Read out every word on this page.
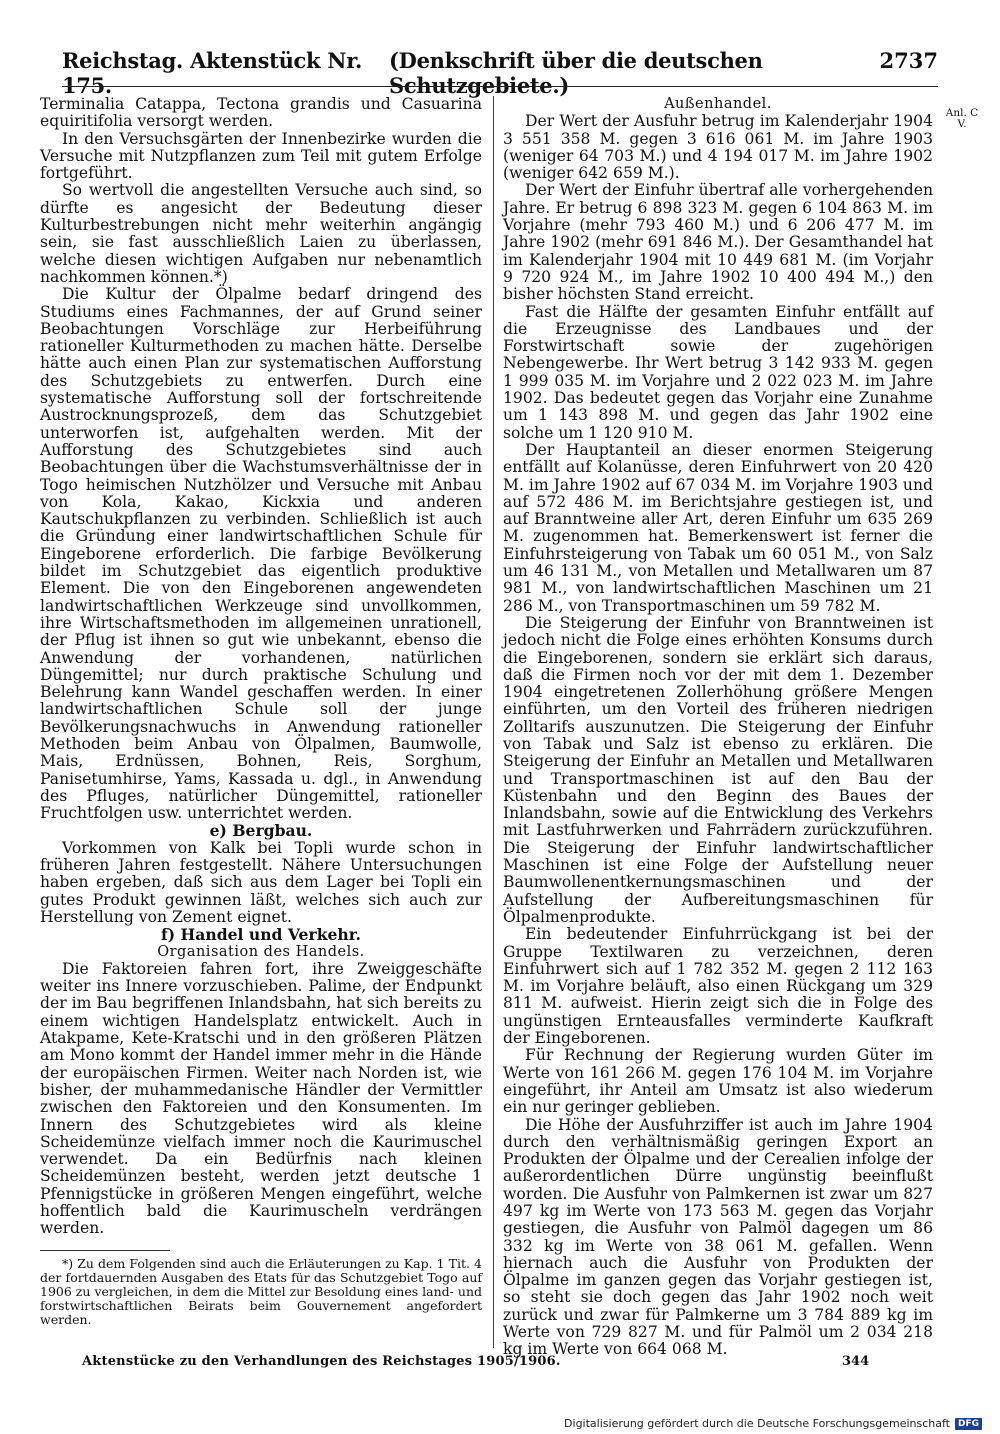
Reichstag. Aktenstück Nr. 175.

(Denkschrift über die deutschen Schutzgebiete.)
2737
Anl. C V.

Terminalia Catappa, Tectona grandis und Casuarina equiritifolia versorgt werden.

In den Versuchsgärten der Innenbezirke wurden die Versuche mit Nutzpflanzen zum Teil mit gutem Erfolge fortgeführt.

So wertvoll die angestellten Versuche auch sind, so dürfte es angesicht der Bedeutung dieser Kulturbestrebungen nicht mehr weiterhin angängig sein, sie fast ausschließlich Laien zu überlassen, welche diesen wichtigen Aufgaben nur nebenamtlich nachkommen können.*)

Die Kultur der Ölpalme bedarf dringend des Studiums eines Fachmannes, der auf Grund seiner Beobachtungen Vorschläge zur Herbeiführung rationeller Kulturmethoden zu machen hätte. Derselbe hätte auch einen Plan zur systematischen Aufforstung des Schutzgebiets zu entwerfen. Durch eine systematische Aufforstung soll der fortschreitende Austrocknungsprozeß, dem das Schutzgebiet unterworfen ist, aufgehalten werden. Mit der Aufforstung des Schutzgebietes sind auch Beobachtungen über die Wachstumsverhältnisse der in Togo heimischen Nutzhölzer und Versuche mit Anbau von Kola, Kakao, Kickxia und anderen Kautschukpflanzen zu verbinden. Schließlich ist auch die Gründung einer landwirtschaftlichen Schule für Eingeborene erforderlich. Die farbige Bevölkerung bildet im Schutzgebiet das eigentlich produktive Element. Die von den Eingeborenen angewendeten landwirtschaftlichen Werkzeuge sind unvollkommen, ihre Wirtschaftsmethoden im allgemeinen unrationell, der Pflug ist ihnen so gut wie unbekannt, ebenso die Anwendung der vorhandenen, natürlichen Düngemittel; nur durch praktische Schulung und Belehrung kann Wandel geschaffen werden. In einer landwirtschaftlichen Schule soll der junge Bevölkerungsnachwuchs in Anwendung rationeller Methoden beim Anbau von Ölpalmen, Baumwolle, Mais, Erdnüssen, Bohnen, Reis, Sorghum, Panisetumhirse, Yams, Kassada u. dgl., in Anwendung des Pfluges, natürlicher Düngemittel, rationeller Fruchtfolgen usw. unterrichtet werden.

e) Bergbau.

Vorkommen von Kalk bei Topli wurde schon in früheren Jahren festgestellt. Nähere Untersuchungen haben ergeben, daß sich aus dem Lager bei Topli ein gutes Produkt gewinnen läßt, welches sich auch zur Herstellung von Zement eignet.

f) Handel und Verkehr.

Organisation des Handels.

Die Faktoreien fahren fort, ihre Zweiggeschäfte weiter ins Innere vorzuschieben. Palime, der Endpunkt der im Bau begriffenen Inlandsbahn, hat sich bereits zu einem wichtigen Handelsplatz entwickelt. Auch in Atakpame, Kete-Kratschi und in den größeren Plätzen am Mono kommt der Handel immer mehr in die Hände der europäischen Firmen. Weiter nach Norden ist, wie bisher, der muhammedanische Händler der Vermittler zwischen den Faktoreien und den Konsumenten. Im Innern des Schutzgebietes wird als kleine Scheidemünze vielfach immer noch die Kaurimuschel verwendet. Da ein Bedürfnis nach kleinen Scheidemünzen besteht, werden jetzt deutsche 1 Pfennigstücke in größeren Mengen eingeführt, welche hoffentlich bald die Kaurimuscheln verdrängen werden.

*) Zu dem Folgenden sind auch die Erläuterungen zu Kap. 1 Tit. 4 der fortdauernden Ausgaben des Etats für das Schutzgebiet Togo auf 1906 zu vergleichen, in dem die Mittel zur Besoldung eines land- und forstwirtschaftlichen Beirats beim Gouvernement angefordert werden.

Außenhandel.

Der Wert der Ausfuhr betrug im Kalenderjahr 1904 3 551 358 M. gegen 3 616 061 M. im Jahre 1903 (weniger 64 703 M.) und 4 194 017 M. im Jahre 1902 (weniger 642 659 M.).

Der Wert der Einfuhr übertraf alle vorhergehenden Jahre. Er betrug 6 898 323 M. gegen 6 104 863 M. im Vorjahre (mehr 793 460 M.) und 6 206 477 M. im Jahre 1902 (mehr 691 846 M.). Der Gesamthandel hat im Kalenderjahr 1904 mit 10 449 681 M. (im Vorjahr 9 720 924 M., im Jahre 1902 10 400 494 M.,) den bisher höchsten Stand erreicht.

Fast die Hälfte der gesamten Einfuhr entfällt auf die Erzeugnisse des Landbaues und der Forstwirtschaft sowie der zugehörigen Nebengewerbe. Ihr Wert betrug 3 142 933 M. gegen 1 999 035 M. im Vorjahre und 2 022 023 M. im Jahre 1902. Das bedeutet gegen das Vorjahr eine Zunahme um 1 143 898 M. und gegen das Jahr 1902 eine solche um 1 120 910 M.

Der Hauptanteil an dieser enormen Steigerung entfällt auf Kolanüsse, deren Einfuhrwert von 20 420 M. im Jahre 1902 auf 67 034 M. im Vorjahre 1903 und auf 572 486 M. im Berichtsjahre gestiegen ist, und auf Branntweine aller Art, deren Einfuhr um 635 269 M. zugenommen hat. Bemerkenswert ist ferner die Einfuhrsteigerung von Tabak um 60 051 M., von Salz um 46 131 M., von Metallen und Metallwaren um 87 981 M., von landwirtschaftlichen Maschinen um 21 286 M., von Transportmaschinen um 59 782 M.

Die Steigerung der Einfuhr von Branntweinen ist jedoch nicht die Folge eines erhöhten Konsums durch die Eingeborenen, sondern sie erklärt sich daraus, daß die Firmen noch vor der mit dem 1. Dezember 1904 eingetretenen Zollerhöhung größere Mengen einführten, um den Vorteil des früheren niedrigen Zolltarifs auszunutzen. Die Steigerung der Einfuhr von Tabak und Salz ist ebenso zu erklären. Die Steigerung der Einfuhr an Metallen und Metallwaren und Transportmaschinen ist auf den Bau der Küstenbahn und den Beginn des Baues der Inlandsbahn, sowie auf die Entwicklung des Verkehrs mit Lastfuhrwerken und Fahrrädern zurückzuführen. Die Steigerung der Einfuhr landwirtschaftlicher Maschinen ist eine Folge der Aufstellung neuer Baumwollenentkernungsmaschinen und der Aufstellung der Aufbereitungsmaschinen für Ölpalmenprodukte.

Ein bedeutender Einfuhrrückgang ist bei der Gruppe Textilwaren zu verzeichnen, deren Einfuhrwert sich auf 1 782 352 M. gegen 2 112 163 M. im Vorjahre beläuft, also einen Rückgang um 329 811 M. aufweist. Hierin zeigt sich die in Folge des ungünstigen Ernteausfalles verminderte Kaufkraft der Eingeborenen.

Für Rechnung der Regierung wurden Güter im Werte von 161 266 M. gegen 176 104 M. im Vorjahre eingeführt, ihr Anteil am Umsatz ist also wiederum ein nur geringer geblieben.

Die Höhe der Ausfuhrziffer ist auch im Jahre 1904 durch den verhältnismäßig geringen Export an Produkten der Ölpalme und der Cerealien infolge der außerordentlichen Dürre ungünstig beeinflußt worden. Die Ausfuhr von Palmkernen ist zwar um 827 497 kg im Werte von 173 563 M. gegen das Vorjahr gestiegen, die Ausfuhr von Palmöl dagegen um 86 332 kg im Werte von 38 061 M. gefallen. Wenn hiernach auch die Ausfuhr von Produkten der Ölpalme im ganzen gegen das Vorjahr gestiegen ist, so steht sie doch gegen das Jahr 1902 noch weit zurück und zwar für Palmkerne um 3 784 889 kg im Werte von 729 827 M. und für Palmöl um 2 034 218 kg im Werte von 664 068 M.

Aktenstücke zu den Verhandlungen des Reichstages 1905/1906.	344
Digitalisierung gefördert durch die Deutsche Forschungsgemeinschaft DFG
